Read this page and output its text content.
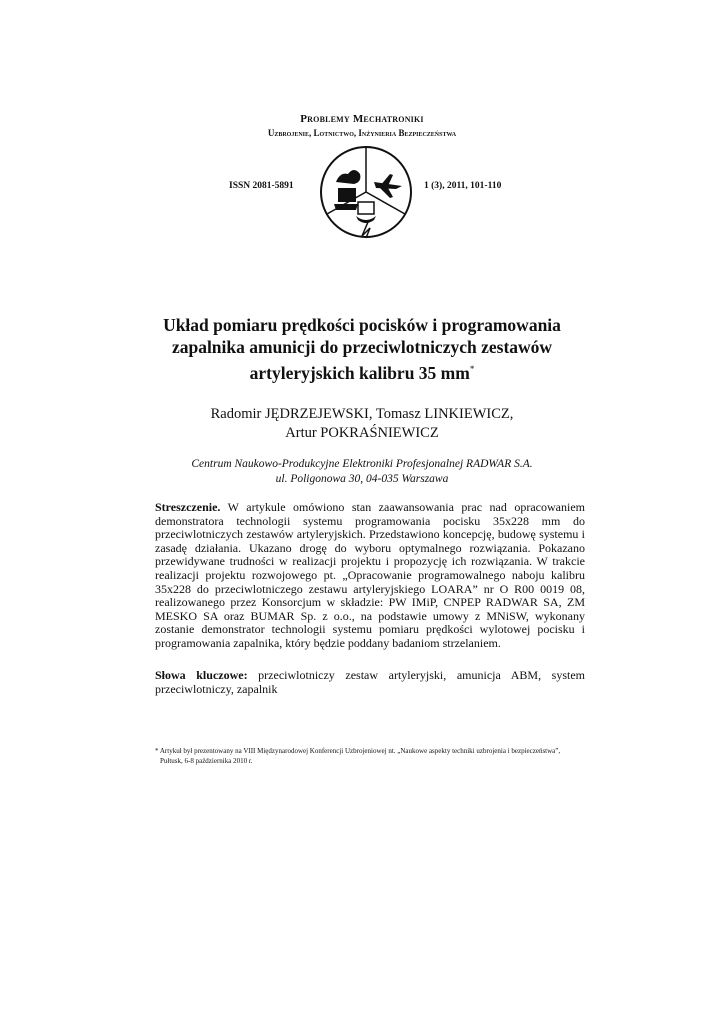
Problemy Mechatroniki
Uzbrojenie, Lotnictwo, Inżynieria Bezpieczeństwa
ISSN 2081-5891	1 (3), 2011, 101-110
Układ pomiaru prędkości pocisków i programowania
zapalnika amunicji do przeciwlotniczych zestawów
artyleryjskich kalibru 35 mm*
Radomir JĘDRZEJEWSKI, Tomasz LINKIEWICZ,
Artur POKRAŚNIEWICZ
Centrum Naukowo-Produkcyjne Elektroniki Profesjonalnej RADWAR S.A.
ul. Poligonowa 30, 04-035 Warszawa
Streszczenie. W artykule omówiono stan zaawansowania prac nad opracowaniem demonstratora technologii systemu programowania pocisku 35x228 mm do przeciwlotniczych zestawów artyleryjskich. Przedstawiono koncepcję, budowę systemu i zasadę działania. Ukazano drogę do wyboru optymalnego rozwiązania. Pokazano przewidywane trudności w realizacji projektu i propozycję ich rozwiązania. W trakcie realizacji projektu rozwojowego pt. „Opracowanie programowalnego naboju kalibru 35x228 do przeciwlotniczego zestawu artyleryjskiego LOARA” nr O R00 0019 08, realizowanego przez Konsorcjum w składzie: PW IMiP, CNPEP RADWAR SA, ZM MESKO SA oraz BUMAR Sp. z o.o., na podstawie umowy z MNiSW, wykonany zostanie demonstrator technologii systemu pomiaru prędkości wylotowej pocisku i programowania zapalnika, który będzie poddany badaniom strzelaniem.
Słowa kluczowe: przeciwlotniczy zestaw artyleryjski, amunicja ABM, system przeciwlotniczy, zapalnik
* Artykuł był prezentowany na VIII Międzynarodowej Konferencji Uzbrojeniowej nt. „Naukowe aspekty techniki uzbrojenia i bezpieczeństwa”,
Pułtusk, 6-8 października 2010 r.
